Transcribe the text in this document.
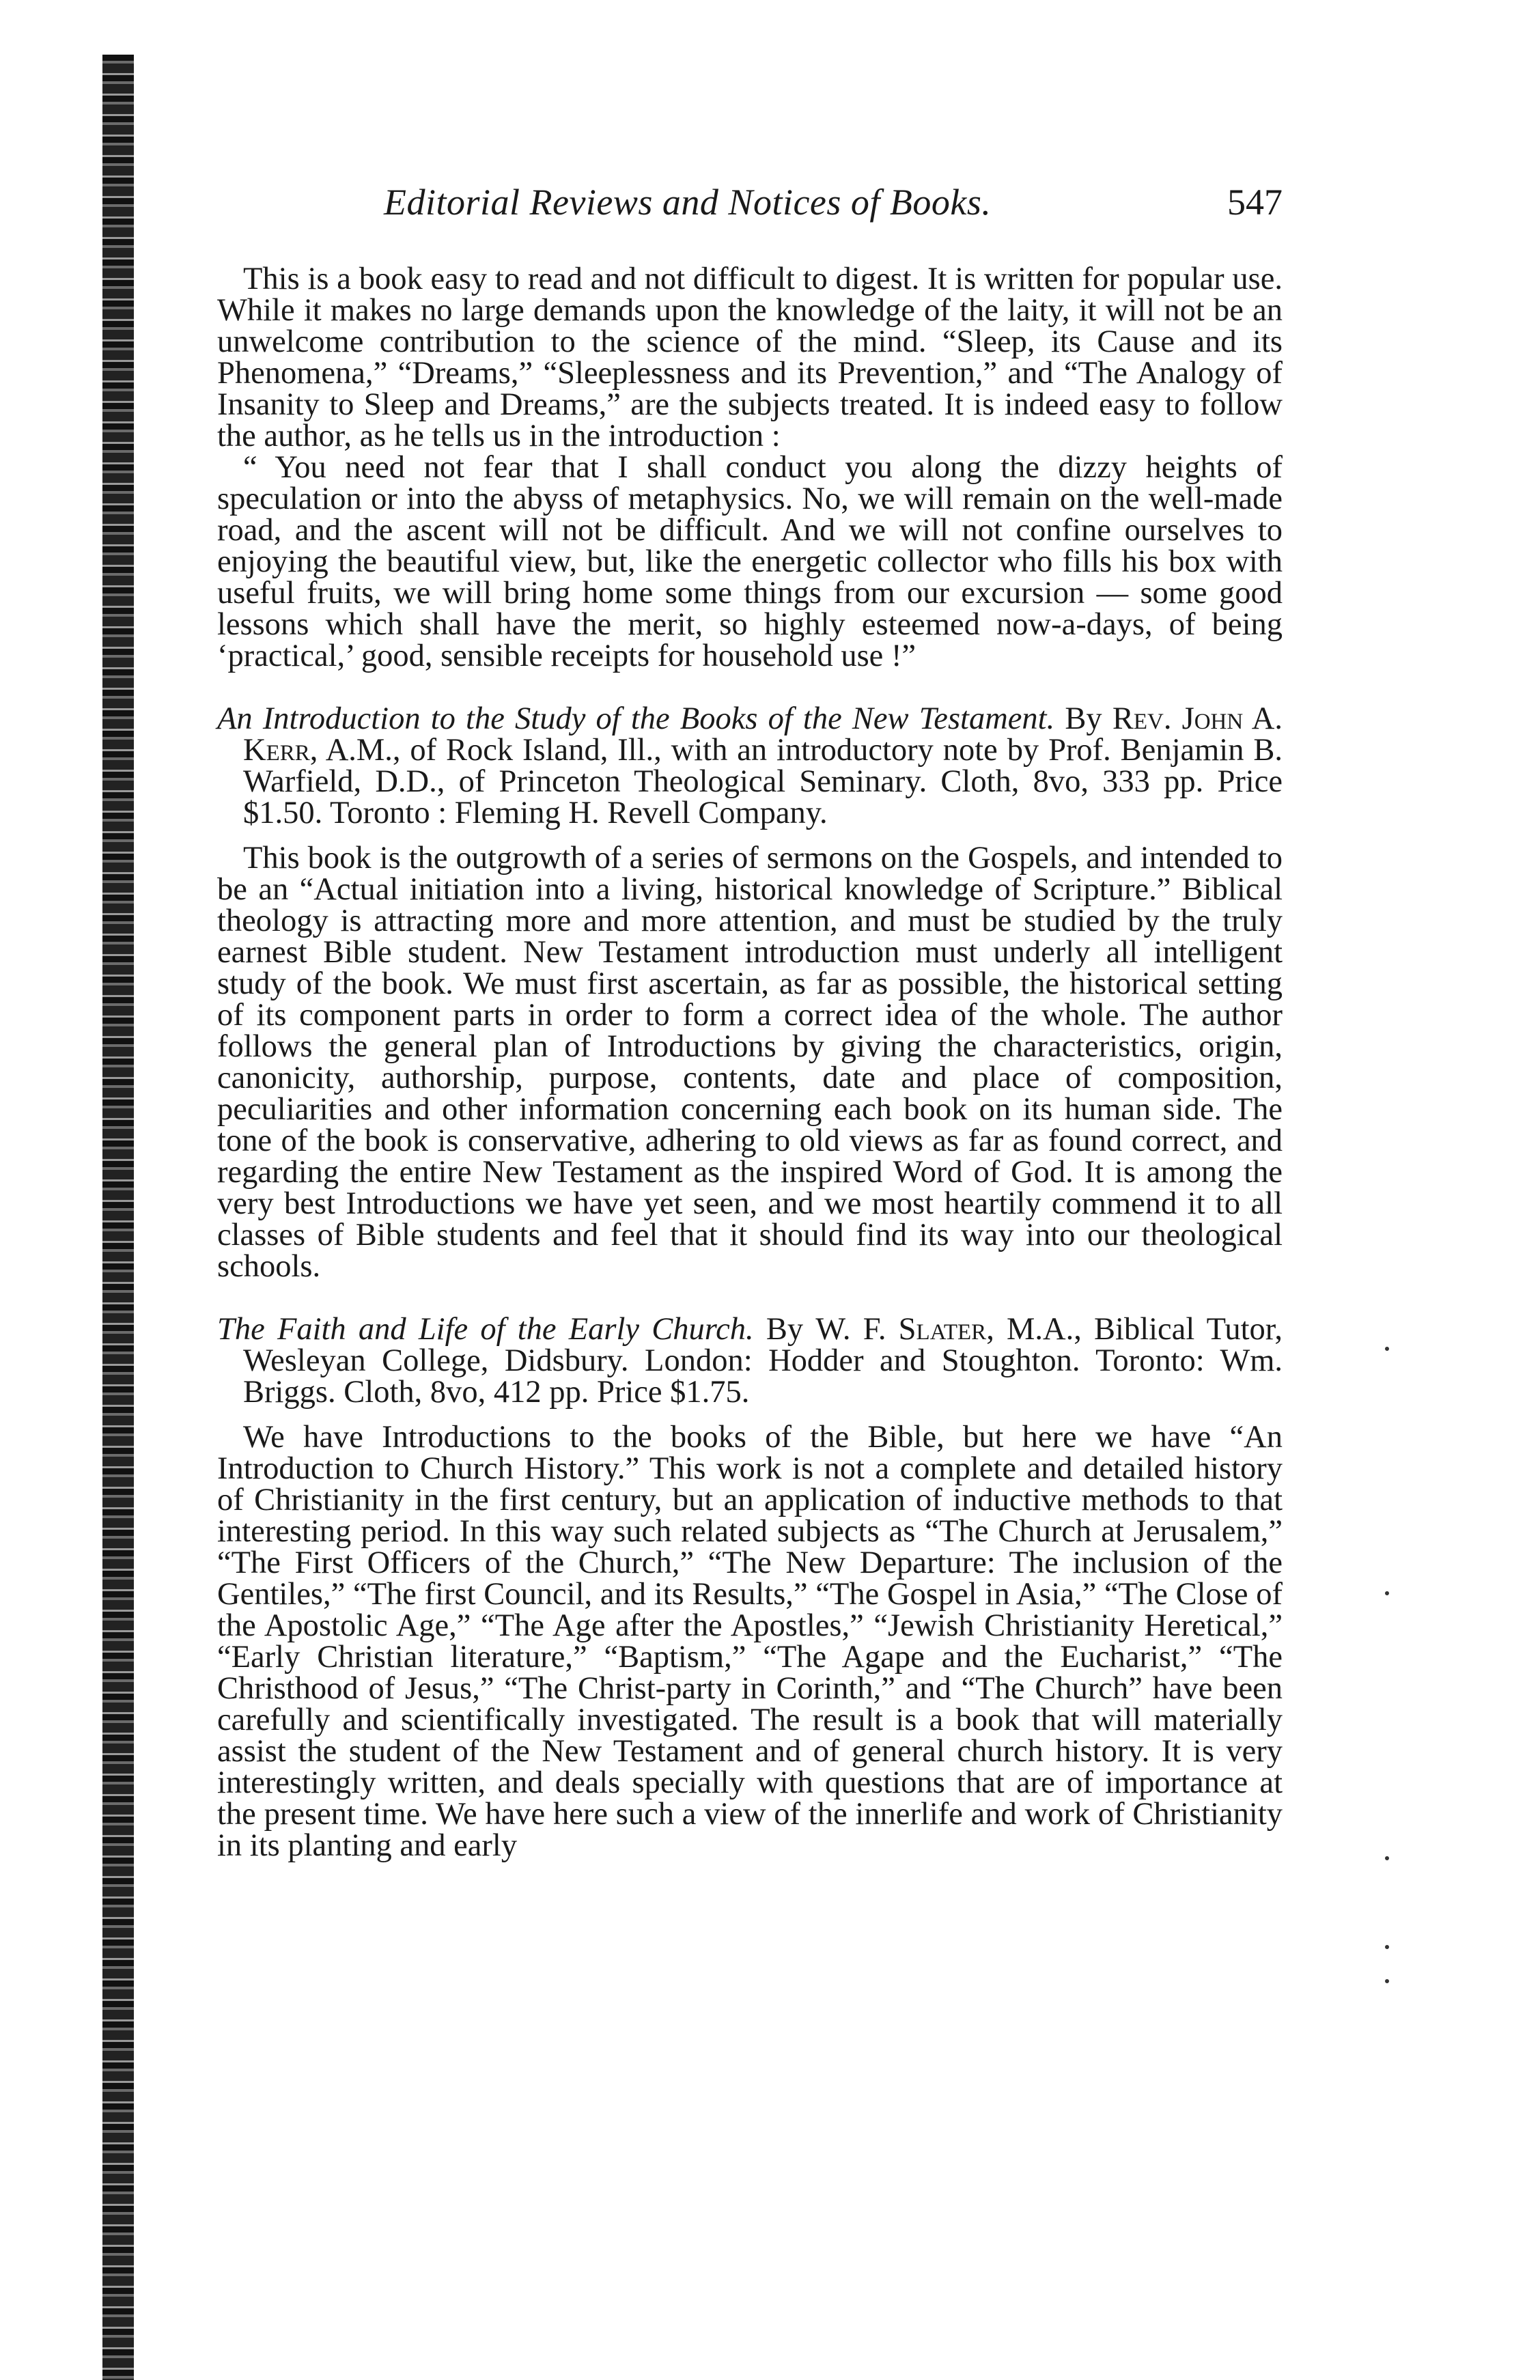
Editorial Reviews and Notices of Books.	547

This is a book easy to read and not difficult to digest. It is written for popular use. While it makes no large demands upon the knowledge of the laity, it will not be an unwelcome contribution to the science of the mind. “Sleep, its Cause and its Phenomena,” “Dreams,” “Sleeplessness and its Prevention,” and “The Analogy of Insanity to Sleep and Dreams,” are the subjects treated. It is indeed easy to follow the author, as he tells us in the introduction :

“ You need not fear that I shall conduct you along the dizzy heights of speculation or into the abyss of metaphysics. No, we will remain on the well-made road, and the ascent will not be difficult. And we will not confine ourselves to enjoying the beautiful view, but, like the energetic collector who fills his box with useful fruits, we will bring home some things from our excursion — some good lessons which shall have the merit, so highly esteemed now-a-days, of being ‘practical,’ good, sensible receipts for household use !”

An Introduction to the Study of the Books of the New Testament. By Rev. John A. Kerr, A.M., of Rock Island, Ill., with an introductory note by Prof. Benjamin B. Warfield, D.D., of Princeton Theological Seminary. Cloth, 8vo, 333 pp. Price $1.50. Toronto : Fleming H. Revell Company.

This book is the outgrowth of a series of sermons on the Gospels, and intended to be an “Actual initiation into a living, historical knowledge of Scripture.” Biblical theology is attracting more and more attention, and must be studied by the truly earnest Bible student. New Testament introduction must underly all intelligent study of the book. We must first ascertain, as far as possible, the historical setting of its component parts in order to form a correct idea of the whole. The author follows the general plan of Introductions by giving the characteristics, origin, canonicity, authorship, purpose, contents, date and place of composition, peculiarities and other information concerning each book on its human side. The tone of the book is conservative, adhering to old views as far as found correct, and regarding the entire New Testament as the inspired Word of God. It is among the very best Introductions we have yet seen, and we most heartily commend it to all classes of Bible students and feel that it should find its way into our theological schools.

The Faith and Life of the Early Church. By W. F. Slater, M.A., Biblical Tutor, Wesleyan College, Didsbury. London: Hodder and Stoughton. Toronto: Wm. Briggs. Cloth, 8vo, 412 pp. Price $1.75.

We have Introductions to the books of the Bible, but here we have “An Introduction to Church History.” This work is not a complete and detailed history of Christianity in the first century, but an application of inductive methods to that interesting period. In this way such related subjects as “The Church at Jerusalem,” “The First Officers of the Church,” “The New Departure: The inclusion of the Gentiles,” “The first Council, and its Results,” “The Gospel in Asia,” “The Close of the Apostolic Age,” “The Age after the Apostles,” “Jewish Christianity Heretical,” “Early Christian literature,” “Baptism,” “The Agape and the Eucharist,” “The Christhood of Jesus,” “The Christ-party in Corinth,” and “The Church” have been carefully and scientifically investigated. The result is a book that will materially assist the student of the New Testament and of general church history. It is very interestingly written, and deals specially with questions that are of importance at the present time. We have here such a view of the innerlife and work of Christianity in its planting and early
